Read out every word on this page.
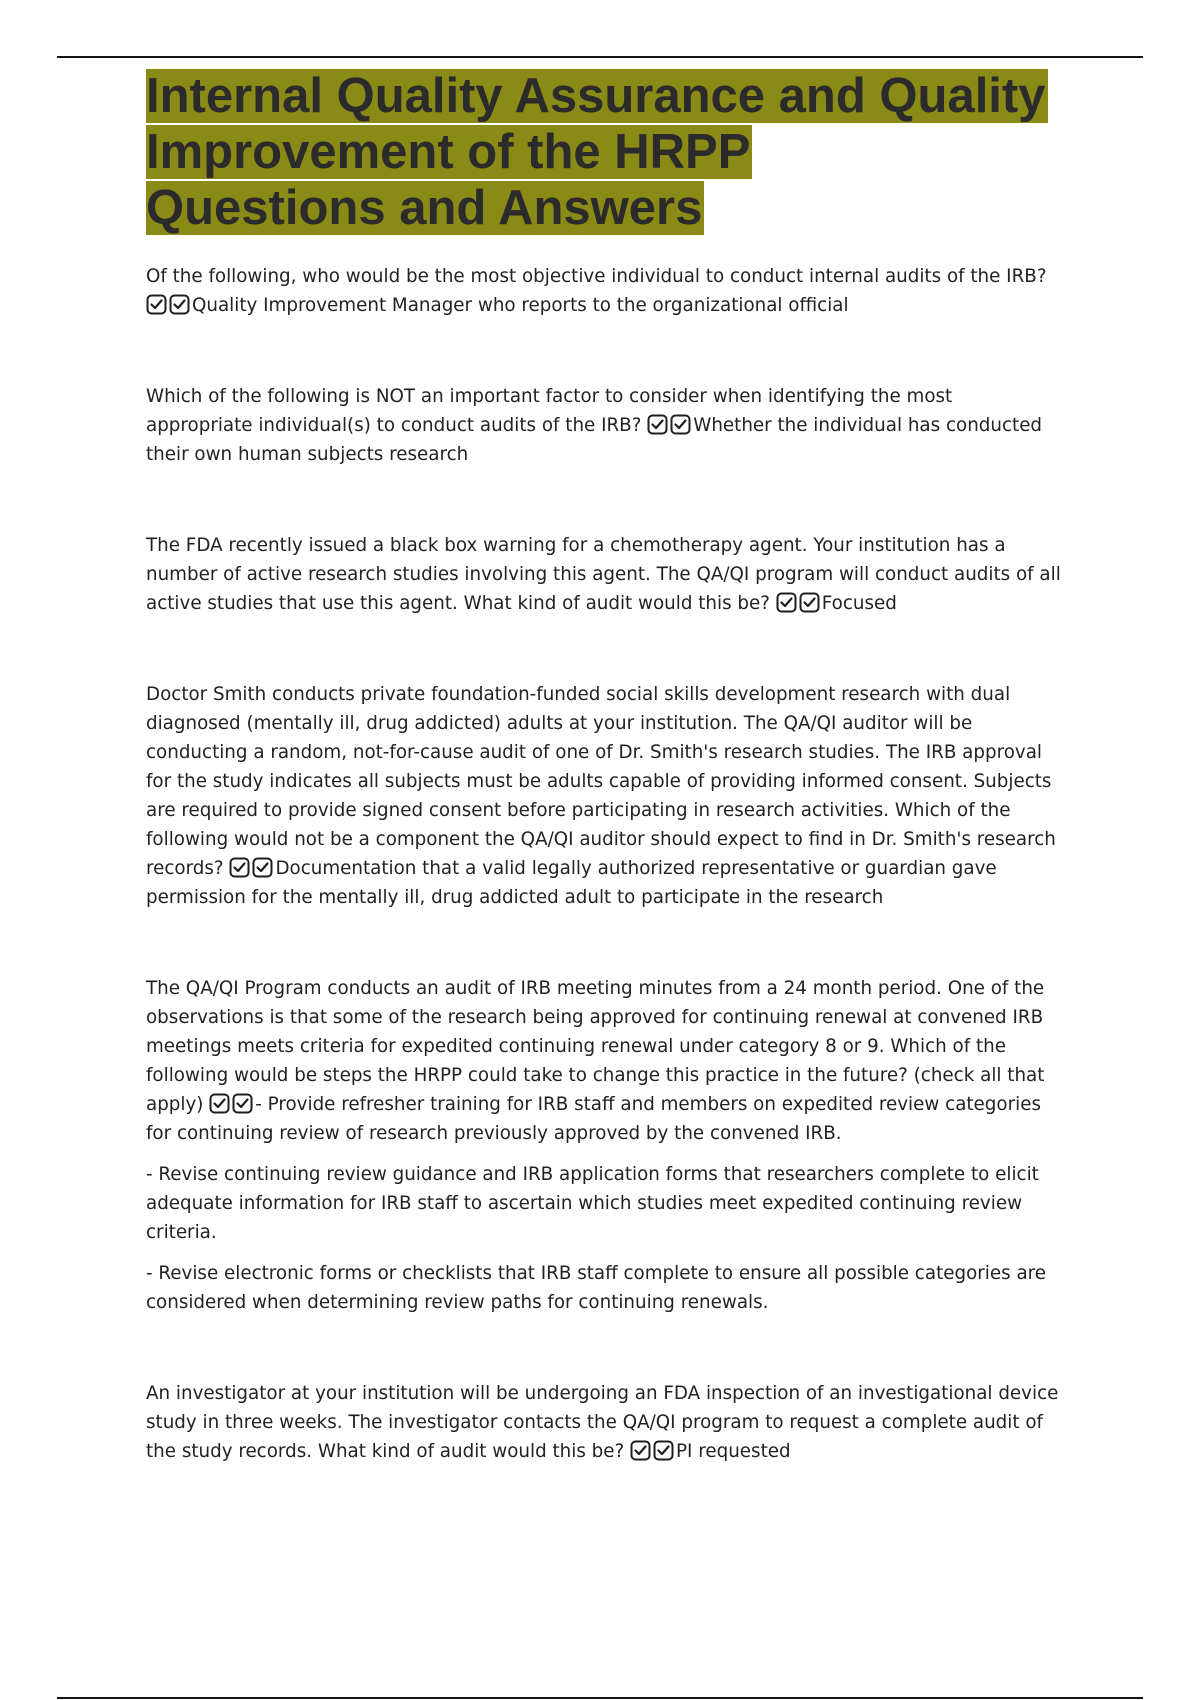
Internal Quality Assurance and Quality
Improvement of the HRPP
Questions and Answers

Of the following, who would be the most objective individual to conduct internal audits of the IRB?

Quality Improvement Manager who reports to the organizational official

Which of the following is NOT an important factor to consider when identifying the most appropriate individual(s) to conduct audits of the IRB?	Whether the individual has conducted their own human subjects research

The FDA recently issued a black box warning for a chemotherapy agent. Your institution has a number of active research studies involving this agent. The QA/QI program will conduct audits of all active studies that use this agent. What kind of audit would this be?	Focused

Doctor Smith conducts private foundation-funded social skills development research with dual diagnosed (mentally ill, drug addicted) adults at your institution. The QA/QI auditor will be conducting a random, not-for-cause audit of one of Dr. Smith's research studies. The IRB approval for the study indicates all subjects must be adults capable of providing informed consent. Subjects are required to provide signed consent before participating in research activities. Which of the following would not be a component the QA/QI auditor should expect to find in Dr. Smith's research records?	Documentation that a valid legally authorized representative or guardian gave permission for the mentally ill, drug addicted adult to participate in the research

The QA/QI Program conducts an audit of IRB meeting minutes from a 24 month period. One of the observations is that some of the research being approved for continuing renewal at convened IRB meetings meets criteria for expedited continuing renewal under category 8 or 9. Which of the following would be steps the HRPP could take to change this practice in the future? (check all that apply)	- Provide refresher training for IRB staff and members on expedited review categories for continuing review of research previously approved by the convened IRB.

- Revise continuing review guidance and IRB application forms that researchers complete to elicit adequate information for IRB staff to ascertain which studies meet expedited continuing review criteria.

- Revise electronic forms or checklists that IRB staff complete to ensure all possible categories are considered when determining review paths for continuing renewals.

An investigator at your institution will be undergoing an FDA inspection of an investigational device study in three weeks. The investigator contacts the QA/QI program to request a complete audit of the study records. What kind of audit would this be?	PI requested
